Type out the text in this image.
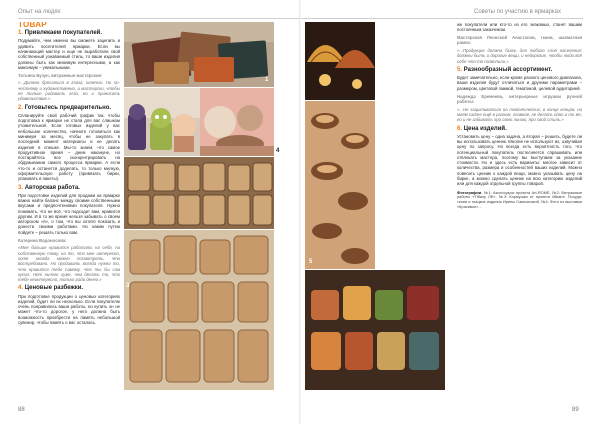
Опыт на людях	Советы по участию в ярмарках
ТОВАР
1. Привлекаем покупателей.

Подумайте, чем именно вы сможете зацепить и удивить посетителей ярмарки. Если вы начинающий мастер и еще не выработали свой собственный узнаваемый стиль, то ваши изделия должны быть как минимум интересными, а как максимум – уникальными.

Татьяна Бузун, витражные мастерские:

«...Должно бросаться в глаза, конечно. Но по-честному и художественно, и мастерски, чтобы не только радовать глаз, но и приносить удовольствие.»

2. Готовьтесь предварительно.

Спланируйте свой рабочий график так, чтобы подготовка к ярмарке не стала для вас слишком утомительной. Если готовых изделий у вас небольшое количество, начните готовиться как минимум за месяц, чтобы не закупать в последний момент материалы и не делать изделия в спешке. Мы-то знаем, что самое продуктивное время – днем накануне, но постарайтесь все сконцентрировать на обдумывании самого процесса ярмарки. А если что-то и останется доделать, то только мелкую, оформительскую работу (привязать бирки, упаковать в пакеты).

3. Авторская работа.

При подготовке изделий для продажи на ярмарке важно найти баланс между своими собственными вкусами и предпочтениями покупателя. Нужно понимать, что не всё, что подходит вам, нравится другим. И в то же время нельзя забывать о своем авторском «я», о том, что вы хотите показать и донести своими работами. Но каким путем пойдете – решать только вам.

Катерина Водоносова:

«Мне больше нравится работать на себя, на собственную тему, на то, что мне интересно, хотя иногда можно посмотреть, что востребовано. Но продавать всегда нужно то, что нравится тебе самому, что ты бы сам купил. Нет ничего хуже, чем делать то, что тебе неинтересно, только ради денег.»

4. Ценовые разбежки.

При подготовке продукции о ценовых категориях изделий, будет ли их несколько. Если покупателю очень понравились ваши работы, но купить он не может что-то дорогое, у него должна быть возможность приобрести на память небольшой сувенир, чтобы память о вас осталась.

1
5
2
4
3
6

же покупатели или кто-то из его знакомых, станет вашим постоянным заказчиком.

Мастерская Леонской Анастасии, ткани, шахматная рамка:

«...Продукция должна быть для любого слоя населения: должны быть и дорогие вещи, и недорогие, чтобы люди всё себе что-то позволили.»

5. Разнообразный ассортимент.

Будет замечательно, если кроме разного ценового диапазона, ваши изделия будут отличаться и другими параметрами – размером, цветовой гаммой, тематикой, целевой аудиторией.

Надежда Еремеева, интерьерные игрушки ручной работы:

«...Не зацикливаться на тематических, в конце концов, на моём сайте ещё в разном, главное, не делать одно и то же, но и не забывать про свою линию, про свой стиль.»

6. Цена изделий.

Установить цену – одна задача, а вторая – решить, будете ли вы использовать ценник. Многие не используют их, озвучивая цену по запросу. Но всегда есть вероятность того, что потенциальный покупатель постесняется спрашивать или отвлекать мастера, поэтому вы выступаем за указание стоимости. Но и здесь есть варианты: многое зависит от количества, размера и особенностей ваших изделий. Можно повесить ценник к каждой вещи, можно указывать цену на бирке, а можно сделать ценник на всю категорию изделий или для каждой отдельной группы товаров.

Фотографии. №1: Аксессуары проекта Art-ROME, №2: Витражные работы «Tiffany ЛЕ», №3: Кормушки от проекта Mikami. Посуда: ткани и ткацкие изделия Ирины Самсоновой, №4: Фото из выставки «Красивое»...

88	89
